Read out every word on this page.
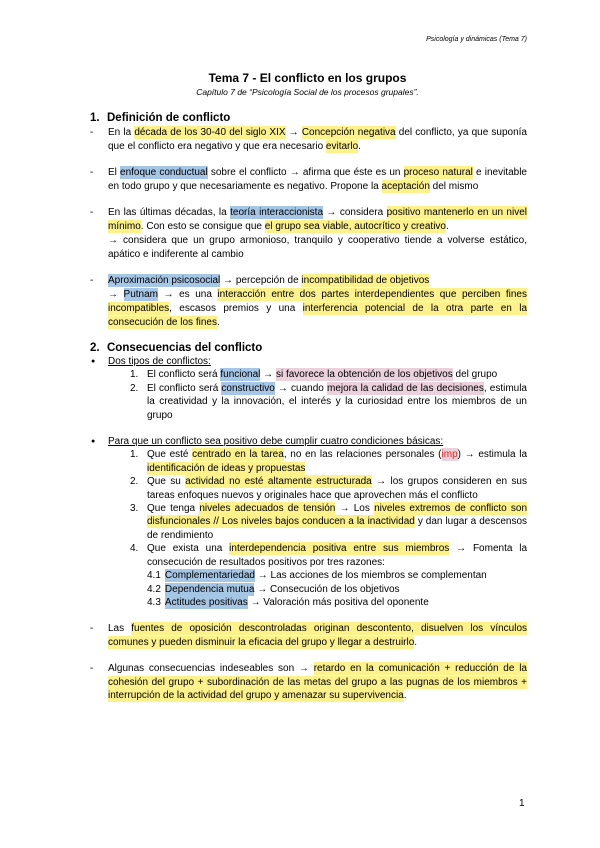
Psicología y dinámicas (Tema 7)
Tema 7 - El conflicto en los grupos
Capítulo 7 de “Psicología Social de los procesos grupales”.
1. Definición de conflicto
- En la década de los 30-40 del siglo XIX → Concepción negativa del conflicto, ya que suponía que el conflicto era negativo y que era necesario evitarlo.
- El enfoque conductual sobre el conflicto → afirma que éste es un proceso natural e inevitable en todo grupo y que necesariamente es negativo. Propone la aceptación del mismo
- En las últimas décadas, la teoría interaccionista → considera positivo mantenerlo en un nivel mínimo. Con esto se consigue que el grupo sea viable, autocrítico y creativo.
→ considera que un grupo armonioso, tranquilo y cooperativo tiende a volverse estático, apático e indiferente al cambio
- Aproximación psicosocial → percepción de incompatibilidad de objetivos
→ Putnam → es una interacción entre dos partes interdependientes que perciben fines incompatibles, escasos premios y una interferencia potencial de la otra parte en la consecución de los fines.
2. Consecuencias del conflicto
● Dos tipos de conflictos:
1. El conflicto será funcional → si favorece la obtención de los objetivos del grupo
2. El conflicto será constructivo → cuando mejora la calidad de las decisiones, estimula la creatividad y la innovación, el interés y la curiosidad entre los miembros de un grupo
● Para que un conflicto sea positivo debe cumplir cuatro condiciones básicas:
1. Que esté centrado en la tarea, no en las relaciones personales (imp) → estimula la identificación de ideas y propuestas
2. Que su actividad no esté altamente estructurada → los grupos consideren en sus tareas enfoques nuevos y originales hace que aprovechen más el conflicto
3. Que tenga niveles adecuados de tensión → Los niveles extremos de conflicto son disfuncionales // Los niveles bajos conducen a la inactividad y dan lugar a descensos de rendimiento
4. Que exista una interdependencia positiva entre sus miembros → Fomenta la consecución de resultados positivos por tres razones:
4.1 Complementariedad → Las acciones de los miembros se complementan
4.2 Dependencia mutua → Consecución de los objetivos
4.3 Actitudes positivas → Valoración más positiva del oponente
- Las fuentes de oposición descontroladas originan descontento, disuelven los vínculos comunes y pueden disminuir la eficacia del grupo y llegar a destruirlo.
- Algunas consecuencias indeseables son → retardo en la comunicación + reducción de la cohesión del grupo + subordinación de las metas del grupo a las pugnas de los miembros + interrupción de la actividad del grupo y amenazar su supervivencia.
1
